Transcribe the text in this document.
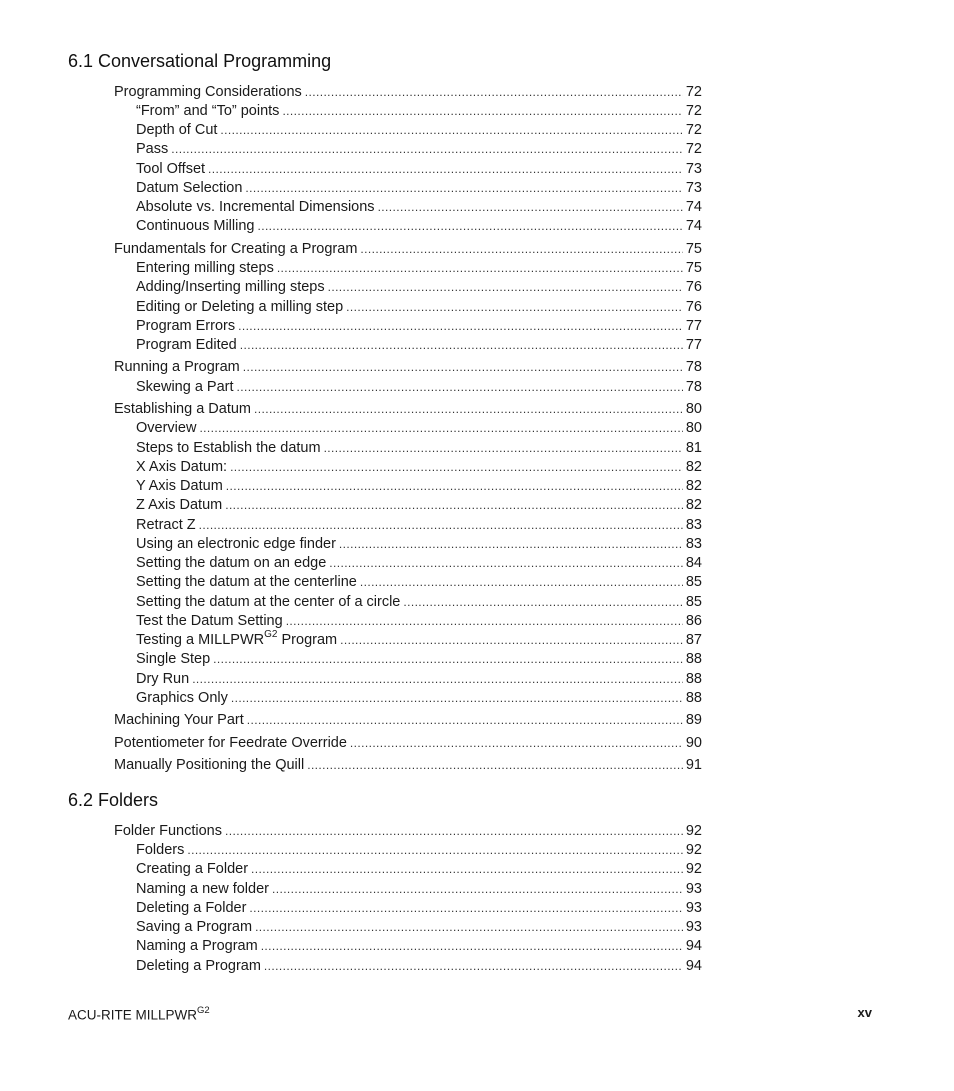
6.1 Conversational Programming
Programming Considerations .....	72
“From” and “To” points .....	72
Depth of Cut .....	72
Pass .....	72
Tool Offset .....	73
Datum Selection .....	73
Absolute vs. Incremental Dimensions .....	74
Continuous Milling .....	74
Fundamentals for Creating a Program .....	75
Entering milling steps .....	75
Adding/Inserting milling steps .....	76
Editing or Deleting a milling step .....	76
Program Errors .....	77
Program Edited .....	77
Running a Program .....	78
Skewing a Part .....	78
Establishing a Datum .....	80
Overview .....	80
Steps to Establish the datum .....	81
X Axis Datum: .....	82
Y Axis Datum .....	82
Z Axis Datum .....	82
Retract Z .....	83
Using an electronic edge finder .....	83
Setting the datum on an edge .....	84
Setting the datum at the centerline .....	85
Setting the datum at the center of a circle .....	85
Test the Datum Setting .....	86
Testing a $MILLPWR^{G2}$ Program .....	87
Single Step .....	88
Dry Run .....	88
Graphics Only .....	88
Machining Your Part .....	89
Potentiometer for Feedrate Override .....	90
Manually Positioning the Quill .....	91
6.2 Folders
Folder Functions .....	92
Folders .....	92
Creating a Folder .....	92
Naming a new folder .....	93
Deleting a Folder .....	93
Saving a Program .....	93
Naming a Program .....	94
Deleting a Program .....	94
ACU-RITE $MILLPWR^{G2}$	xv
